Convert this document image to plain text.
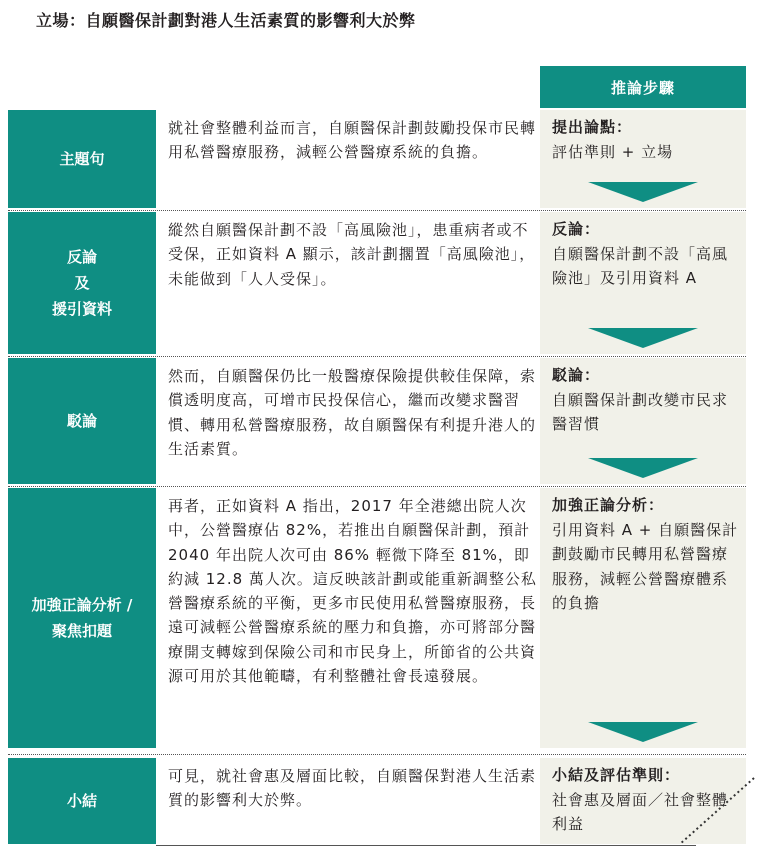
立場：自願醫保計劃對港人生活素質的影響利大於弊
推論步驟
主題句
就社會整體利益而言，自願醫保計劃鼓勵投保市民轉用私營醫療服務，減輕公營醫療系統的負擔。
提出論點：
評估準則 + 立場
反論
及
援引資料
縱然自願醫保計劃不設「高風險池」，患重病者或不受保，正如資料 A 顯示，該計劃擱置「高風險池」，未能做到「人人受保」。
反論：
自願醫保計劃不設「高風險池」及引用資料 A
駁論
然而，自願醫保仍比一般醫療保險提供較佳保障，索償透明度高，可增市民投保信心，繼而改變求醫習慣、轉用私營醫療服務，故自願醫保有利提升港人的生活素質。
駁論：
自願醫保計劃改變市民求醫習慣
加強正論分析 /
聚焦扣題
再者，正如資料 A 指出，2017 年全港總出院人次中，公營醫療佔 82%，若推出自願醫保計劃，預計 2040 年出院人次可由 86% 輕微下降至 81%，即約減 12.8 萬人次。這反映該計劃或能重新調整公私營醫療系統的平衡，更多市民使用私營醫療服務，長遠可減輕公營醫療系統的壓力和負擔，亦可將部分醫療開支轉嫁到保險公司和市民身上，所節省的公共資源可用於其他範疇，有利整體社會長遠發展。
加強正論分析：
引用資料 A + 自願醫保計劃鼓勵市民轉用私營醫療服務，減輕公營醫療體系的負擔
小結
可見，就社會惠及層面比較，自願醫保對港人生活素質的影響利大於弊。
小結及評估準則：
社會惠及層面／社會整體利益
